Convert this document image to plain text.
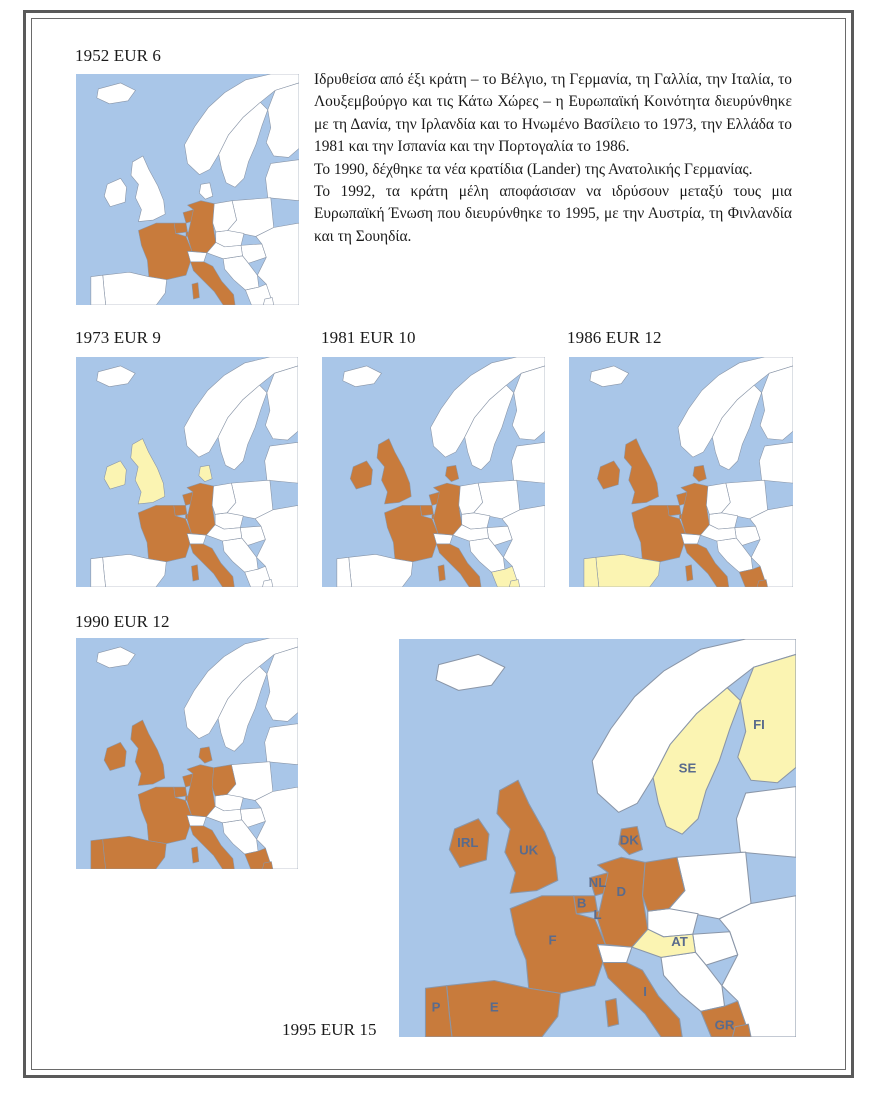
Ιδρυθείσα από έξι κράτη – το Βέλγιο, τη Γερμανία, τη Γαλλία, την Ιταλία, το Λουξεμβούργο και τις Κάτω Χώρες – η Ευρωπαϊκή Κοινότητα διευρύνθηκε με τη Δανία, την Ιρλανδία και το Ηνωμένο Βασίλειο το 1973, την Ελλάδα το 1981 και την Ισπανία και την Πορτογαλία το 1986.

Το 1990, δέχθηκε τα νέα κρατίδια (Lander) της Ανατολικής Γερμανίας.

Το 1992, τα κράτη μέλη αποφάσισαν να ιδρύσουν μεταξύ τους μια Ευρωπαϊκή Ένωση που διευρύνθηκε το 1995, με την Αυστρία, τη Φινλανδία και τη Σουηδία.

1952 EUR 6
1973 EUR 9	1981 EUR 10	1986 EUR 12
1990 EUR 12
1995 EUR 15
FI
SE
DK
IRL
UK
NL
D
B
L
F	AT
I
P	E
GR
